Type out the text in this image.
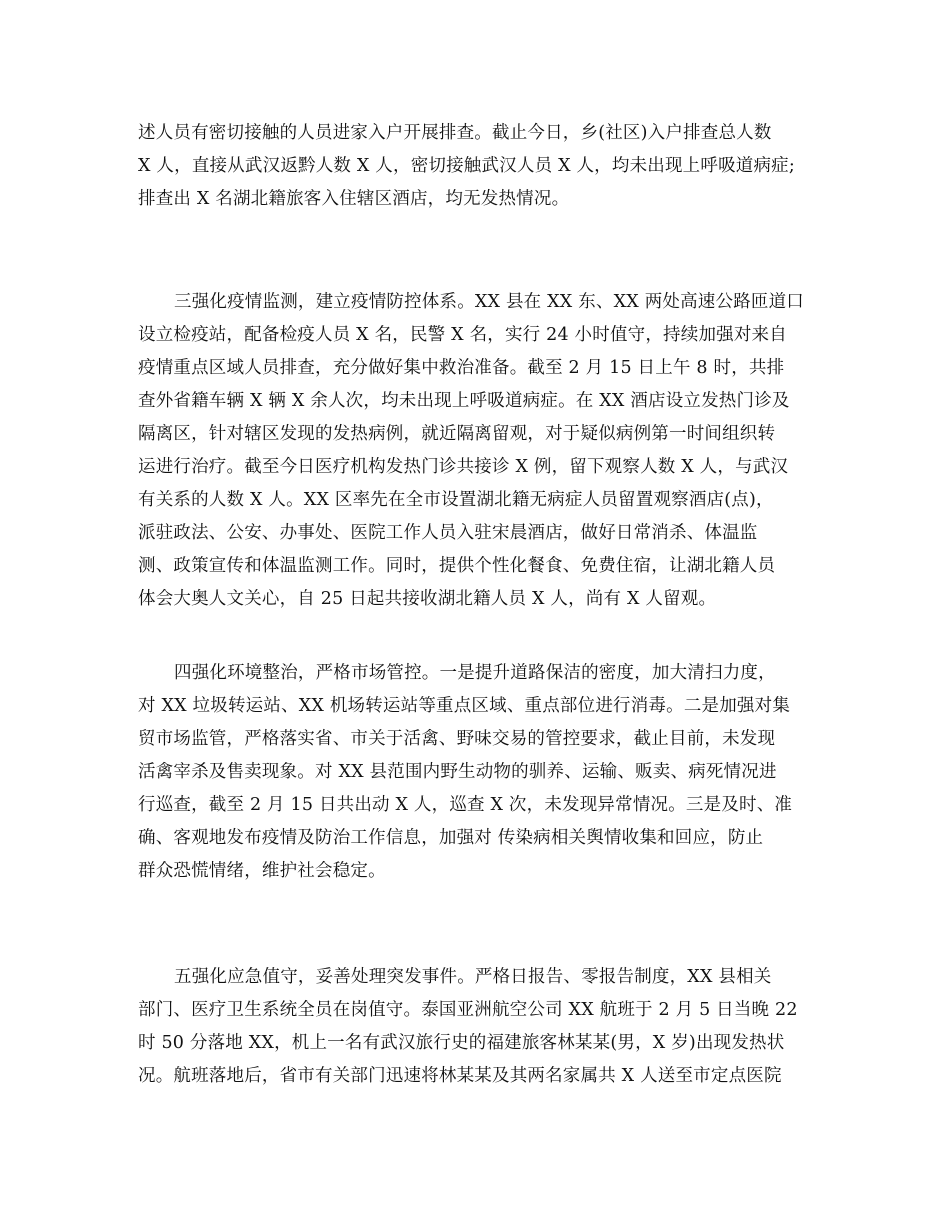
述人员有密切接触的人员进家入户开展排查。截止今日，乡(社区)入户排查总人数
X 人，直接从武汉返黔人数 X 人，密切接触武汉人员 X 人，均未出现上呼吸道病症;
排查出 X 名湖北籍旅客入住辖区酒店，均无发热情况。
三强化疫情监测，建立疫情防控体系。XX 县在 XX 东、XX 两处高速公路匝道口
设立检疫站，配备检疫人员 X 名，民警 X 名，实行 24 小时值守，持续加强对来自
疫情重点区域人员排查，充分做好集中救治准备。截至 2 月 15 日上午 8 时，共排
查外省籍车辆 X 辆 X 余人次，均未出现上呼吸道病症。在 XX 酒店设立发热门诊及
隔离区，针对辖区发现的发热病例，就近隔离留观，对于疑似病例第一时间组织转
运进行治疗。截至今日医疗机构发热门诊共接诊 X 例，留下观察人数 X 人，与武汉
有关系的人数 X 人。XX 区率先在全市设置湖北籍无病症人员留置观察酒店(点)，
派驻政法、公安、办事处、医院工作人员入驻宋晨酒店，做好日常消杀、体温监
测、政策宣传和体温监测工作。同时，提供个性化餐食、免费住宿，让湖北籍人员
体会大奥人文关心，自 25 日起共接收湖北籍人员 X 人，尚有 X 人留观。
四强化环境整治，严格市场管控。一是提升道路保洁的密度，加大清扫力度，
对 XX 垃圾转运站、XX 机场转运站等重点区域、重点部位进行消毒。二是加强对集
贸市场监管，严格落实省、市关于活禽、野味交易的管控要求，截止目前，未发现
活禽宰杀及售卖现象。对 XX 县范围内野生动物的驯养、运输、贩卖、病死情况进
行巡查，截至 2 月 15 日共出动 X 人，巡查 X 次，未发现异常情况。三是及时、准
确、客观地发布疫情及防治工作信息，加强对 传染病相关舆情收集和回应，防止
群众恐慌情绪，维护社会稳定。
五强化应急值守，妥善处理突发事件。严格日报告、零报告制度，XX 县相关
部门、医疗卫生系统全员在岗值守。泰国亚洲航空公司 XX 航班于 2 月 5 日当晚 22
时 50 分落地 XX，机上一名有武汉旅行史的福建旅客林某某(男，X 岁)出现发热状
况。航班落地后，省市有关部门迅速将林某某及其两名家属共 X 人送至市定点医院
